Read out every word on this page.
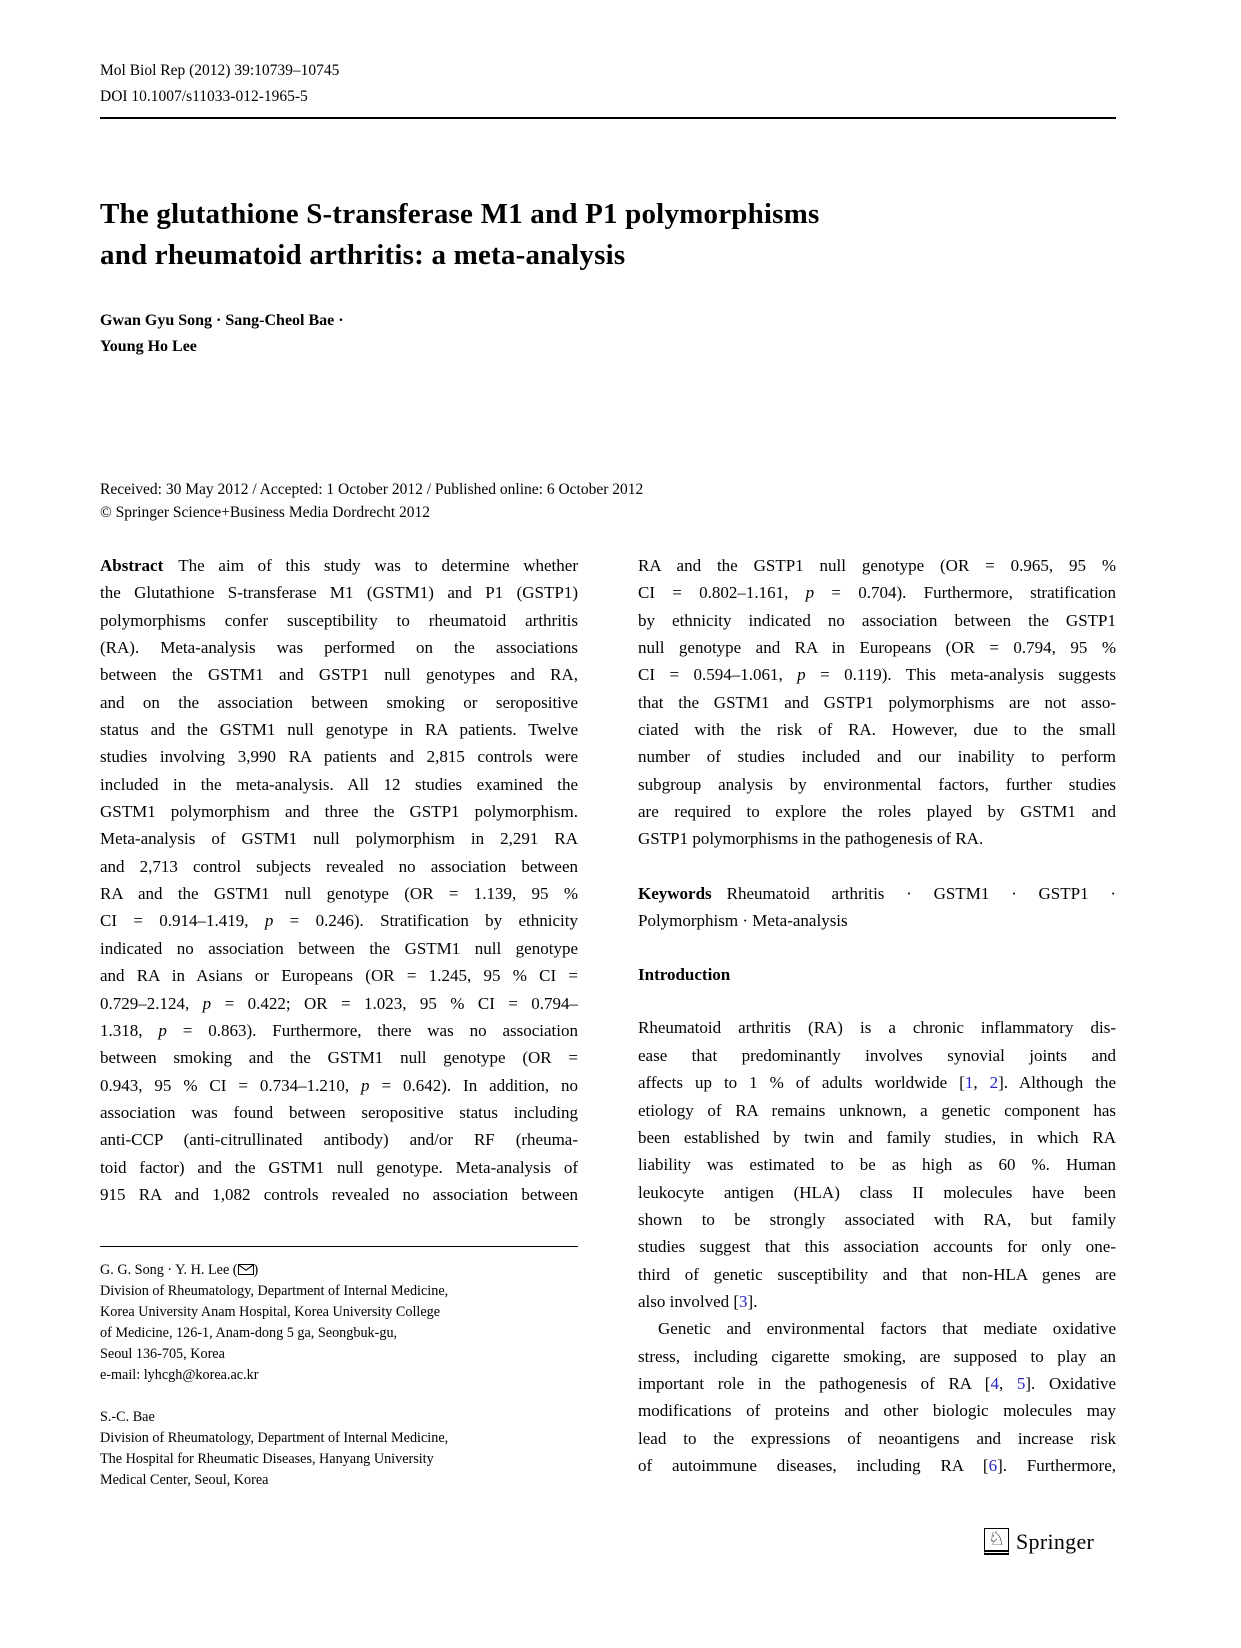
Mol Biol Rep (2012) 39:10739–10745
DOI 10.1007/s11033-012-1965-5
The glutathione S-transferase M1 and P1 polymorphisms
and rheumatoid arthritis: a meta-analysis
Gwan Gyu Song · Sang-Cheol Bae ·
Young Ho Lee
Received: 30 May 2012 / Accepted: 1 October 2012 / Published online: 6 October 2012
© Springer Science+Business Media Dordrecht 2012
Abstract The aim of this study was to determine whether
the Glutathione S-transferase M1 (GSTM1) and P1 (GSTP1)
polymorphisms confer susceptibility to rheumatoid arthritis
(RA). Meta-analysis was performed on the associations
between the GSTM1 and GSTP1 null genotypes and RA,
and on the association between smoking or seropositive
status and the GSTM1 null genotype in RA patients. Twelve
studies involving 3,990 RA patients and 2,815 controls were
included in the meta-analysis. All 12 studies examined the
GSTM1 polymorphism and three the GSTP1 polymorphism.
Meta-analysis of GSTM1 null polymorphism in 2,291 RA
and 2,713 control subjects revealed no association between
RA and the GSTM1 null genotype (OR = 1.139, 95 %
CI = 0.914–1.419, p = 0.246). Stratification by ethnicity
indicated no association between the GSTM1 null genotype
and RA in Asians or Europeans (OR = 1.245, 95 % CI =
0.729–2.124, p = 0.422; OR = 1.023, 95 % CI = 0.794–
1.318, p = 0.863). Furthermore, there was no association
between smoking and the GSTM1 null genotype (OR =
0.943, 95 % CI = 0.734–1.210, p = 0.642). In addition, no
association was found between seropositive status including
anti-CCP (anti-citrullinated antibody) and/or RF (rheuma-
toid factor) and the GSTM1 null genotype. Meta-analysis of
915 RA and 1,082 controls revealed no association between
RA and the GSTP1 null genotype (OR = 0.965, 95 %
CI = 0.802–1.161, p = 0.704). Furthermore, stratification
by ethnicity indicated no association between the GSTP1
null genotype and RA in Europeans (OR = 0.794, 95 %
CI = 0.594–1.061, p = 0.119). This meta-analysis suggests
that the GSTM1 and GSTP1 polymorphisms are not asso-
ciated with the risk of RA. However, due to the small
number of studies included and our inability to perform
subgroup analysis by environmental factors, further studies
are required to explore the roles played by GSTM1 and
GSTP1 polymorphisms in the pathogenesis of RA.
Keywords Rheumatoid arthritis · GSTM1 · GSTP1 ·
Polymorphism · Meta-analysis
Introduction
Rheumatoid arthritis (RA) is a chronic inflammatory dis-
ease that predominantly involves synovial joints and
affects up to 1 % of adults worldwide [1, 2]. Although the
etiology of RA remains unknown, a genetic component has
been established by twin and family studies, in which RA
liability was estimated to be as high as 60 %. Human
leukocyte antigen (HLA) class II molecules have been
shown to be strongly associated with RA, but family
studies suggest that this association accounts for only one-
third of genetic susceptibility and that non-HLA genes are
also involved [3].
Genetic and environmental factors that mediate oxidative
stress, including cigarette smoking, are supposed to play an
important role in the pathogenesis of RA [4, 5]. Oxidative
modifications of proteins and other biologic molecules may
lead to the expressions of neoantigens and increase risk
of autoimmune diseases, including RA [6]. Furthermore,
G. G. Song · Y. H. Lee ( )
Division of Rheumatology, Department of Internal Medicine,
Korea University Anam Hospital, Korea University College
of Medicine, 126-1, Anam-dong 5 ga, Seongbuk-gu,
Seoul 136-705, Korea
e-mail: lyhcgh@korea.ac.kr
S.-C. Bae
Division of Rheumatology, Department of Internal Medicine,
The Hospital for Rheumatic Diseases, Hanyang University
Medical Center, Seoul, Korea
♘ Springer
